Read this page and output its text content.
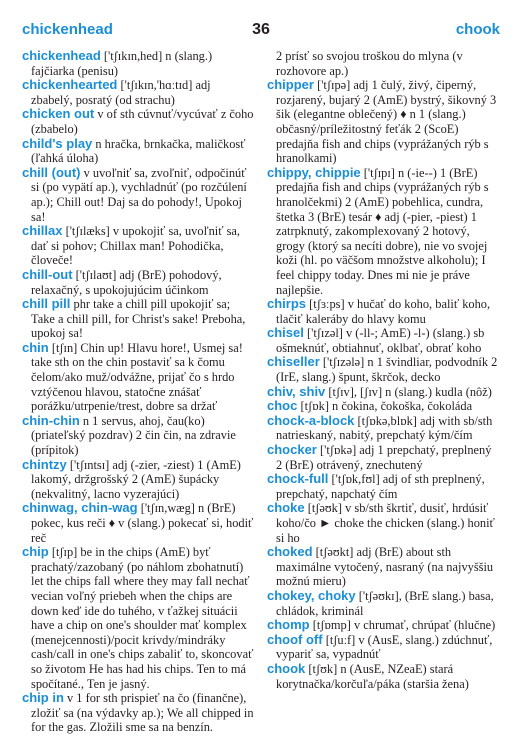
chickenhead	36	chook
chickenhead ['tʃɪkɪn,hed] n (slang.) fajčiarka (penisu)
chickenhearted ['tʃɪkɪn,'hɑːtɪd] adj zbabelý, posratý (od strachu)
chicken out v of sth cúvnuť/vycúvať z čoho (zbabelo)
child's play n hračka, brnkačka, maličkosť (ľahká úloha)
chill (out) v uvoľniť sa, zvoľniť, odpočinúť si (po vypätí ap.), vychladnúť (po rozčúlení ap.); Chill out! Daj sa do pohody!, Upokoj sa!
chillax ['tʃɪlæks] v upokojiť sa, uvoľniť sa, dať si pohov; Chillax man! Pohodička, človeče!
chill-out ['tʃɪlaʊt] adj (BrE) pohodový, relaxačný, s upokojujúcim účinkom
chill pill phr take a chill pill upokojiť sa; Take a chill pill, for Christ's sake! Preboha, upokoj sa!
chin [tʃɪn] Chin up! Hlavu hore!, Usmej sa! take sth on the chin postaviť sa k čomu čelom/ako muž/odvážne, prijať čo s hrdo vztýčenou hlavou, statočne znášať porážku/utrpenie/trest, dobre sa držať
chin-chin n 1 servus, ahoj, čau(ko) (priateľský pozdrav) 2 čin čin, na zdravie (prípitok)
chintzy ['tʃɪntsɪ] adj (-zier, -ziest) 1 (AmE) lakomý, držgrošský 2 (AmE) šupácky (nekvalitný, lacno vyzerajúci)
chinwag, chin-wag ['tʃɪn,wæg] n (BrE) pokec, kus reči ♦ v (slang.) pokecať si, hodiť reč
chip [tʃɪp] be in the chips (AmE) byť prachatý/zazobaný (po náhlom zbohatnutí) let the chips fall where they may fall nechať vecian voľný priebeh when the chips are down keď ide do tuhého, v ťažkej situácii have a chip on one's shoulder mať komplex (menejcennosti)/pocit krivdy/mindráky cash/call in one's chips zabaliť to, skoncovať so životom He has had his chips. Ten to má spočítané., Ten je jasný.
chip in v 1 for sth prispieť na čo (finančne), zložiť sa (na výdavky ap.); We all chipped in for the gas. Zložili sme sa na benzín.
2 prísť so svojou troškou do mlyna (v rozhovore ap.)
chipper ['tʃɪpə] adj 1 čulý, živý, čiperný, rozjarený, bujarý 2 (AmE) bystrý, šikovný 3 šik (elegantne oblečený) ♦ n 1 (slang.) občasný/príležitostný feťák 2 (ScoE) predajňa fish and chips (vyprážaných rýb s hranolkami)
chippy, chippie ['tʃɪpɪ] n (-ie--) 1 (BrE) predajňa fish and chips (vyprážaných rýb s hranolčekmi) 2 (AmE) pobehlica, cundra, štetka 3 (BrE) tesár ♦ adj (-pier, -piest) 1 zatrpknutý, zakomplexovaný 2 hotový, grogy (ktorý sa necíti dobre), nie vo svojej koži (hl. po väčšom množstve alkoholu); I feel chippy today. Dnes mi nie je práve najlepšie.
chirps [tʃɜːps] v hučať do koho, baliť koho, tlačiť kaleráby do hlavy komu
chisel ['tʃɪzəl] v (-ll-; AmE) -l-) (slang.) sb ošmeknúť, obtiahnuť, oklbať, obrať koho
chiseller ['tʃɪzələ] n 1 švindliar, podvodník 2 (IrE, slang.) špunt, škrčok, decko
chiv, shiv [tʃɪv], [ʃɪv] n (slang.) kudla (nôž)
choc [tʃɒk] n čokina, čokoška, čokoláda
chock-a-block [tʃɒkə,blɒk] adj with sb/sth natrieskaný, nabitý, prepchatý kým/čím
chocker ['tʃɒkə] adj 1 prepchatý, preplnený 2 (BrE) otrávený, znechutený
chock-full ['tʃɒk,fʊl] adj of sth preplnený, prepchatý, napchatý čím
choke [tʃəʊk] v sb/sth škrtiť, dusiť, hrdúsiť koho/čo ► choke the chicken (slang.) honiť si ho
choked [tʃəʊkt] adj (BrE) about sth maximálne vytočený, nasraný (na najvyššiu možnú mieru)
chokey, choky ['tʃəʊkɪ], (BrE slang.) basa, chládok, kriminál
chomp [tʃɒmp] v chrumať, chrúpať (hlučne)
choof off [tʃuːf] v (AusE, slang.) zdúchnuť, vypariť sa, vypadnúť
chook [tʃʊk] n (AusE, NZeaE) stará korytnačka/korčuľa/páka (staršia žena)
